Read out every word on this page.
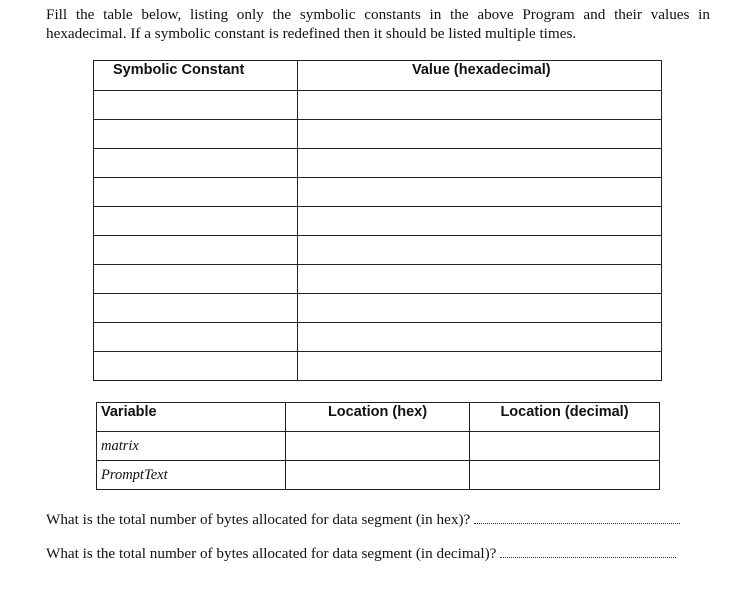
Fill the table below, listing only the symbolic constants in the above Program and their values in
hexadecimal. If a symbolic constant is redefined then it should be listed multiple times.
Symbolic Constant	Value (hexadecimal)

Variable	Location (hex)	Location (decimal)
matrix		
PromptText		
What is the total number of bytes allocated for data segment (in hex)?
What is the total number of bytes allocated for data segment (in decimal)?
